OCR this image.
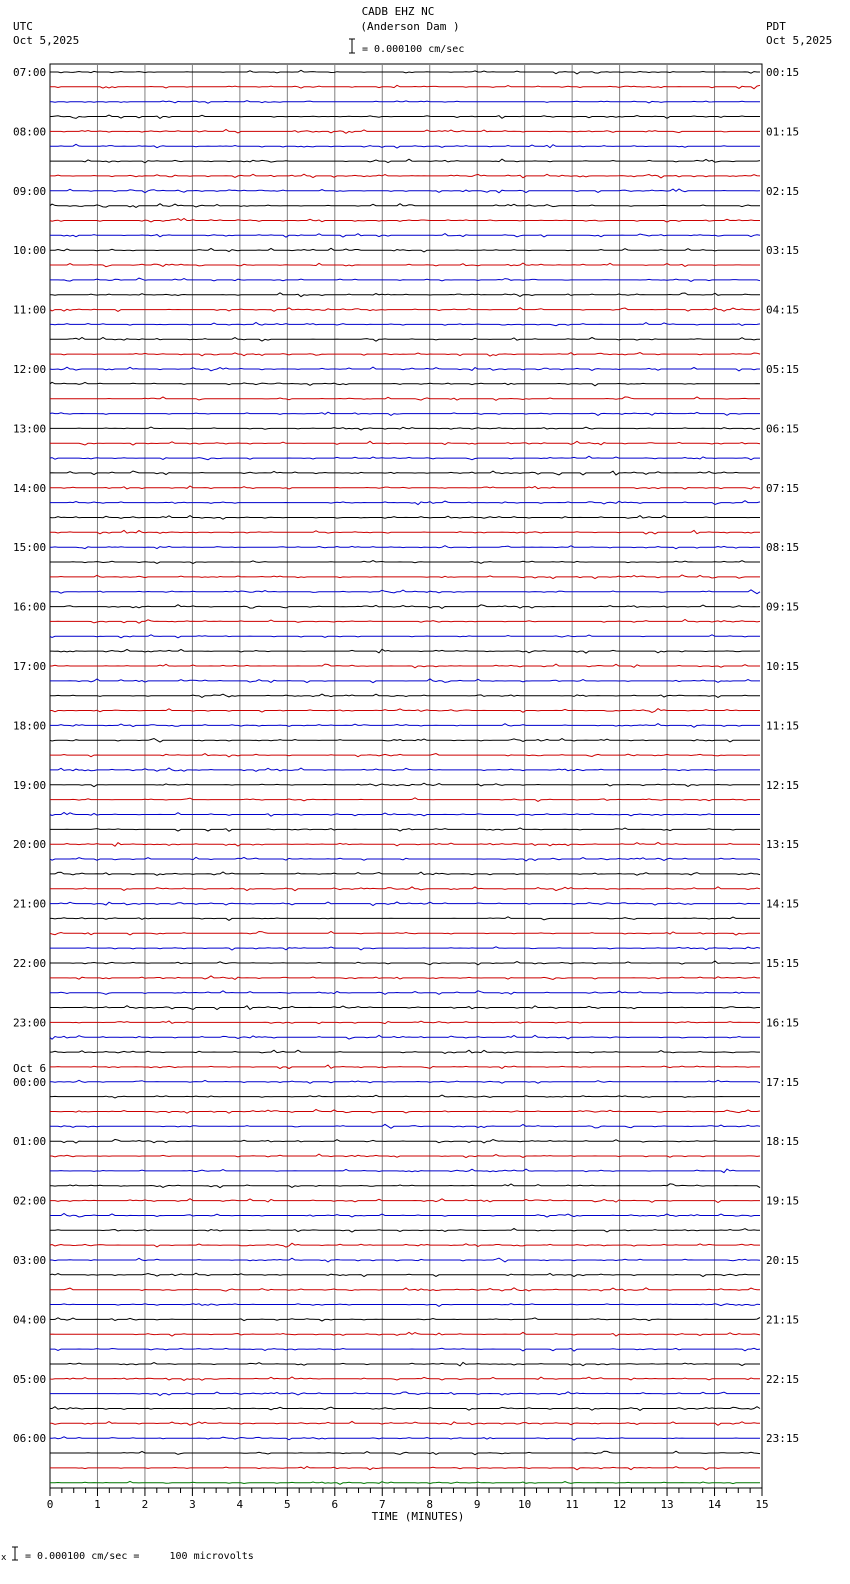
CADB EHZ NC
(Anderson Dam )
= 0.000100 cm/sec
UTC
Oct 5,2025
PDT
Oct 5,2025
07:00
08:00
09:00
10:00
11:00
12:00
13:00
14:00
15:00
16:00
17:00
18:00
19:00
20:00
21:00
22:00
23:00
00:00
01:00
02:00
03:00
04:00
05:00
06:00
00:15
01:15
02:15
03:15
04:15
05:15
06:15
07:15
08:15
09:15
10:15
11:15
12:15
13:15
14:15
15:15
16:15
17:15
18:15
19:15
20:15
21:15
22:15
23:15
Oct 6
0	1	2	3	4	5	6	7	8	9	10	11	12	13	14	15
TIME (MINUTES)
x = 0.000100 cm/sec =     100 microvolts
